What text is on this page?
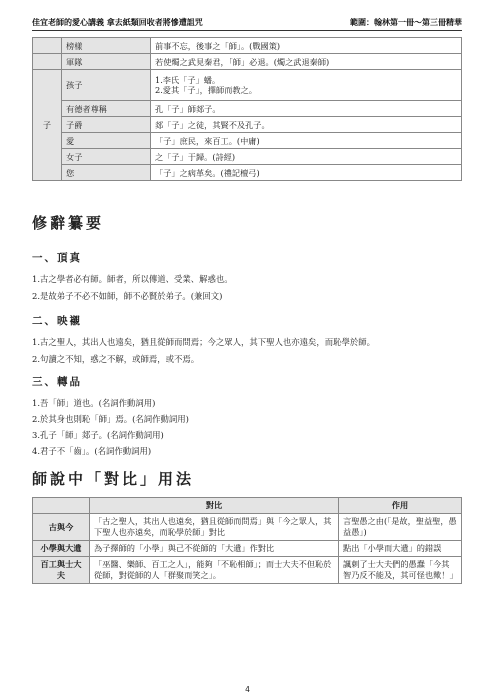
佳宜老師的愛心講義 拿去紙類回收者將慘遭詛咒	範圍：翰林第一冊～第三冊精華
	榜樣	前事不忘，後事之「師」。(戰國策)
	軍隊	若使燭之武見秦君，「師」必退。(燭之武退秦師)
子	孩子	1.李氏「子」蟠。
2.愛其「子」，擇師而教之。

	有德者尊稱	孔「子」師郯子。
	子爵	郯「子」之徒，其賢不及孔子。
	愛	「子」庶民，來百工。(中庸)
	女子	之「子」于歸。(詩經)
	您	「子」之病革矣。(禮記檀弓)
修辭纂要
一、頂真
1.古之學者必有師。師者，所以傳道、受業、解惑也。
2.是故弟子不必不如師，師不必賢於弟子。(兼回文)
二、映襯
1.古之聖人，其出人也遠矣，猶且從師而問焉；今之眾人，其下聖人也亦遠矣，而恥學於師。
2.句讀之不知，惑之不解，或師焉，或不焉。
三、轉品
1.吾「師」道也。(名詞作動詞用)
2.於其身也則恥「師」焉。(名詞作動詞用)
3.孔子「師」郯子。(名詞作動詞用)
4.君子不「齒」。(名詞作動詞用)
師說中「對比」用法
	對比	作用
古與今	「古之聖人，其出人也遠矣，猶且從師而問焉」與「今之眾人，其下聖人也亦遠矣，而恥學於師」對比	言聖愚之由(「是故，聖益聖，愚益愚」)
小學與大遺	為子擇師的「小學」與己不從師的「大遺」作對比	點出「小學而大遺」的錯誤
百工與士大夫	「巫醫、樂師、百工之人」，能夠「不恥相師」；而士大夫不但恥於從師，對從師的人「群聚而笑之」。	諷刺了士大夫們的愚蠢「今其智乃反不能及，其可怪也歟！」
4
